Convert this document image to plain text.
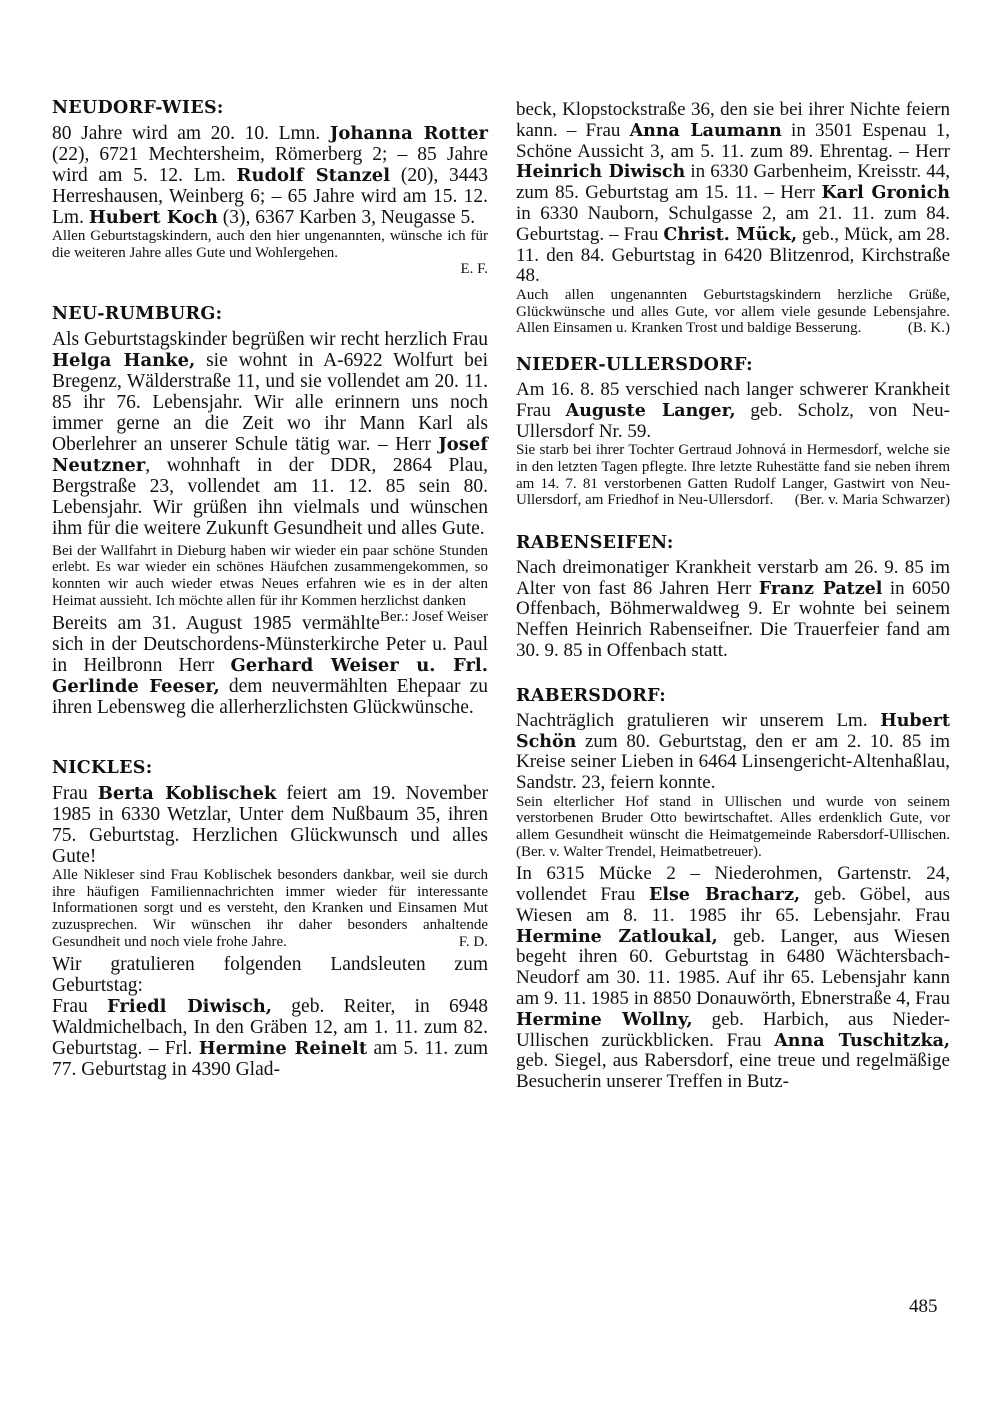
NEUDORF-WIES:

80 Jahre wird am 20. 10. Lmn. Johanna Rotter (22), 6721 Mechtersheim, Römerberg 2; – 85 Jahre wird am 5. 12. Lm. Rudolf Stanzel (20), 3443 Herreshausen, Weinberg 6; – 65 Jahre wird am 15. 12. Lm. Hubert Koch (3), 6367 Karben 3, Neugasse 5.

Allen Geburtstagskindern, auch den hier ungenannten, wünsche ich für die weiteren Jahre alles Gute und Wohlergehen.

E. F.

NEU-RUMBURG:

Als Geburtstagskinder begrüßen wir recht herzlich Frau Helga Hanke, sie wohnt in A-6922 Wolfurt bei Bregenz, Wälderstraße 11, und sie vollendet am 20. 11. 85 ihr 76. Lebensjahr. Wir alle erinnern uns noch immer gerne an die Zeit wo ihr Mann Karl als Oberlehrer an unserer Schule tätig war. – Herr Josef Neutzner, wohnhaft in der DDR, 2864 Plau, Bergstraße 23, vollendet am 11. 12. 85 sein 80. Lebensjahr. Wir grüßen ihn vielmals und wünschen ihm für die weitere Zukunft Gesundheit und alles Gute.

Bei der Wallfahrt in Dieburg haben wir wieder ein paar schöne Stunden erlebt. Es war wieder ein schönes Häufchen zusammengekommen, so konnten wir auch wieder etwas Neues erfahren wie es in der alten Heimat aussieht. Ich möchte allen für ihr Kommen herzlichst danken
Ber.: Josef Weiser

Bereits am 31. August 1985 vermählte sich in der Deutschordens-Münsterkirche Peter u. Paul in Heilbronn Herr Gerhard Weiser u. Frl. Gerlinde Feeser, dem neuvermählten Ehepaar zu ihren Lebensweg die allerherzlichsten Glückwünsche.

NICKLES:

Frau Berta Koblischek feiert am 19. November 1985 in 6330 Wetzlar, Unter dem Nußbaum 35, ihren 75. Geburtstag. Herzlichen Glückwunsch und alles Gute!

Alle Nikleser sind Frau Koblischek besonders dankbar, weil sie durch ihre häufigen Familiennachrichten immer wieder für interessante Informationen sorgt und es versteht, den Kranken und Einsamen Mut zuzusprechen. Wir wünschen ihr daher besonders anhaltende Gesundheit und noch viele frohe Jahre.	F. D.

Wir gratulieren folgenden Landsleuten zum Geburtstag:

Frau Friedl Diwisch, geb. Reiter, in 6948 Waldmichelbach, In den Gräben 12, am 1. 11. zum 82. Geburtstag. – Frl. Hermine Reinelt am 5. 11. zum 77. Geburtstag in 4390 Glad-

beck, Klopstockstraße 36, den sie bei ihrer Nichte feiern kann. – Frau Anna Laumann in 3501 Espenau 1, Schöne Aussicht 3, am 5. 11. zum 89. Ehrentag. – Herr Heinrich Diwisch in 6330 Garbenheim, Kreisstr. 44, zum 85. Geburtstag am 15. 11. – Herr Karl Gronich in 6330 Nauborn, Schulgasse 2, am 21. 11. zum 84. Geburtstag. – Frau Christ. Mück, geb., Mück, am 28. 11. den 84. Geburtstag in 6420 Blitzenrod, Kirchstraße 48.

Auch allen ungenannten Geburtstagskindern herzliche Grüße, Glückwünsche und alles Gute, vor allem viele gesunde Lebensjahre. Allen Einsamen u. Kranken Trost und baldige Besserung.	(B. K.)

NIEDER-ULLERSDORF:

Am 16. 8. 85 verschied nach langer schwerer Krankheit Frau Auguste Langer, geb. Scholz, von Neu-Ullersdorf Nr. 59.

Sie starb bei ihrer Tochter Gertraud Johnová in Hermesdorf, welche sie in den letzten Tagen pflegte. Ihre letzte Ruhestätte fand sie neben ihrem am 14. 7. 81 verstorbenen Gatten Rudolf Langer, Gastwirt von Neu-Ullersdorf, am Friedhof in Neu-Ullersdorf. (Ber. v. Maria Schwarzer)

RABENSEIFEN:

Nach dreimonatiger Krankheit verstarb am 26. 9. 85 im Alter von fast 86 Jahren Herr Franz Patzel in 6050 Offenbach, Böhmerwaldweg 9. Er wohnte bei seinem Neffen Heinrich Rabenseifner. Die Trauerfeier fand am 30. 9. 85 in Offenbach statt.

RABERSDORF:

Nachträglich gratulieren wir unserem Lm. Hubert Schön zum 80. Geburtstag, den er am 2. 10. 85 im Kreise seiner Lieben in 6464 Linsengericht-Altenhaßlau, Sandstr. 23, feiern konnte.

Sein elterlicher Hof stand in Ullischen und wurde von seinem verstorbenen Bruder Otto bewirtschaftet. Alles erdenklich Gute, vor allem Gesundheit wünscht die Heimatgemeinde Rabersdorf-Ullischen. (Ber. v. Walter Trendel, Heimatbetreuer).

In 6315 Mücke 2 – Niederohmen, Gartenstr. 24, vollendet Frau Else Bracharz, geb. Göbel, aus Wiesen am 8. 11. 1985 ihr 65. Lebensjahr. Frau Hermine Zatloukal, geb. Langer, aus Wiesen begeht ihren 60. Geburtstag in 6480 Wächtersbach-Neudorf am 30. 11. 1985. Auf ihr 65. Lebensjahr kann am 9. 11. 1985 in 8850 Donauwörth, Ebnerstraße 4, Frau Hermine Wollny, geb. Harbich, aus Nieder-Ullischen zurückblicken. Frau Anna Tuschitzka, geb. Siegel, aus Rabersdorf, eine treue und regelmäßige Besucherin unserer Treffen in Butz-

485
